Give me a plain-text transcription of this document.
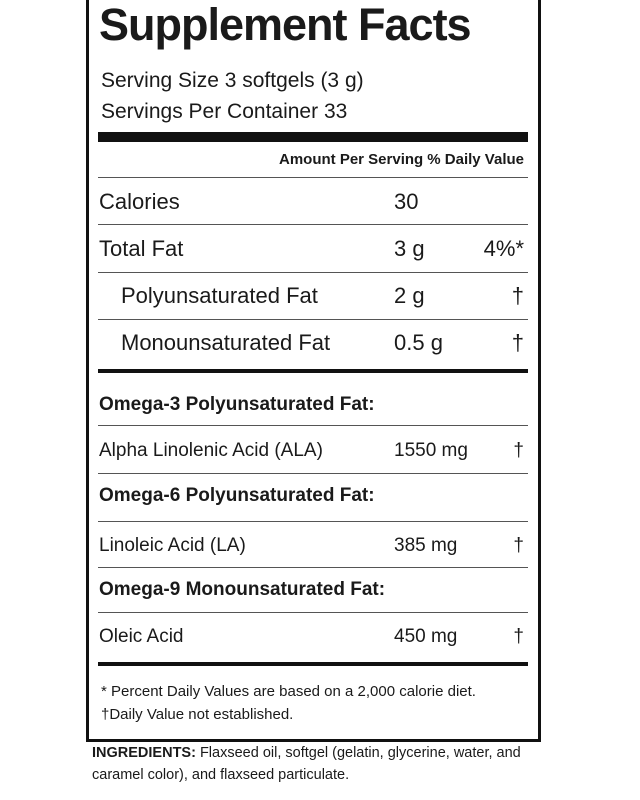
Supplement Facts
Serving Size 3 softgels (3 g)
Servings Per Container 33
Amount Per Serving % Daily Value
Calories	30
Total Fat	3 g	4%*
Polyunsaturated Fat	2 g	†
Monounsaturated Fat	0.5 g	†
Omega-3 Polyunsaturated Fat:
Alpha Linolenic Acid (ALA)	1550 mg †
Omega-6 Polyunsaturated Fat:
Linoleic Acid (LA)	385 mg	†
Omega-9 Monounsaturated Fat:
Oleic Acid	450 mg	†
* Percent Daily Values are based on a 2,000 calorie diet.
†Daily Value not established.
INGREDIENTS: Flaxseed oil, softgel (gelatin, glycerine, water, and caramel color), and flaxseed particulate.
